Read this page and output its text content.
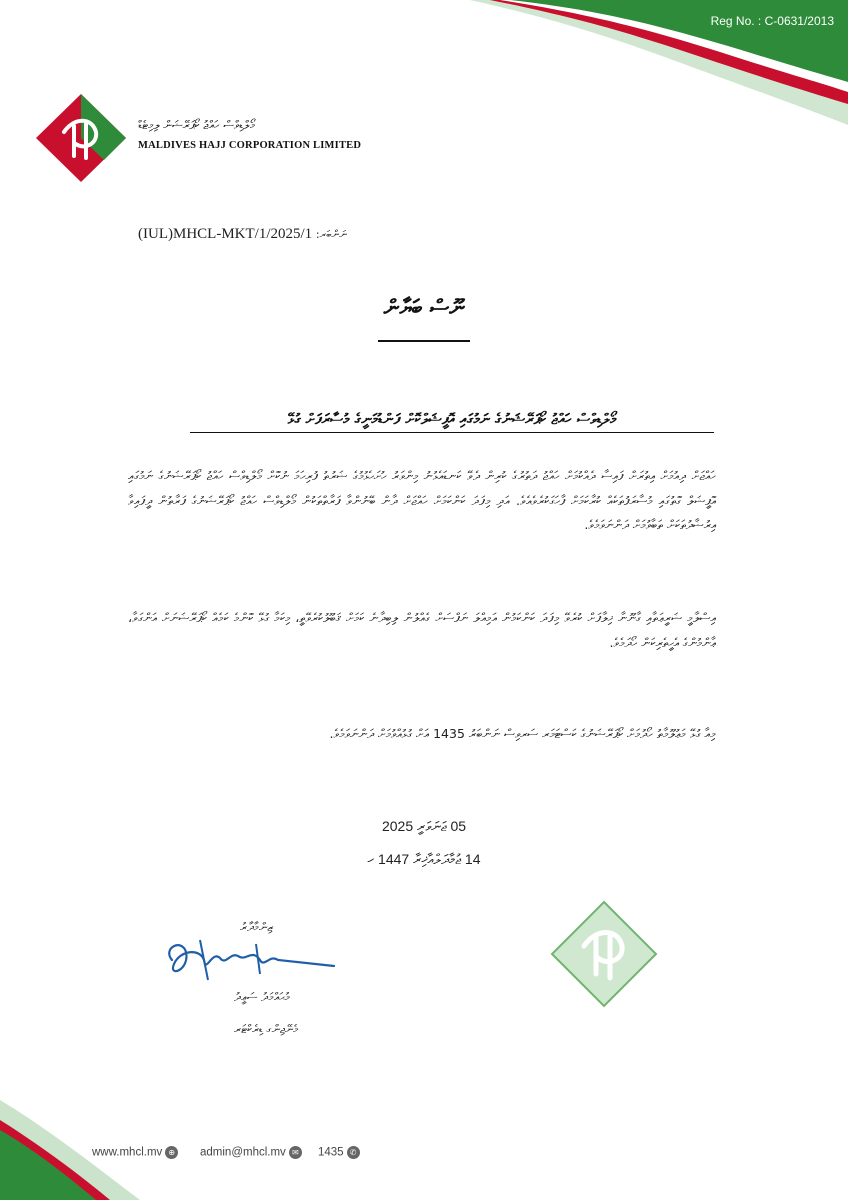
Reg No. : C-0631/2013
މޯލްޑިވްސް ހައްޖު ކޯޕަރޭޝަން ލިމިޓެޑް
MALDIVES HAJJ CORPORATION LIMITED
(IUL)MHCL-MKT/1/2025/1 :ނަންބަރ
ނޫސް ބަޔާން
މޯލްޑިވްސް ހައްޖު ކޯޕަރޭޝަނުގެ ނަމުގައި އޮފީޝަލްކޮށް ފަންޑުމަނީގެ މުސާރަފަށް ގުޅޭ
ހައްޖަށް ދިއުމަށް އިތުރަށް ފައިސާ ދެއްކުމަށް ހައްޖު ދަތުރުގެ ކުރިން ދެވޭ ކަނޑައެޅުނު މިންވަރު ހުށަހެޅުމުގެ ޝަރުތު ފުރިހަމަ ނުކޮށް މޯލްޑިވްސް ހައްޖު ކޯޕަރޭޝަނުގެ ނަމުގައި އޮފީޝަލް ގޮތުގައި މުސާރަފުތަކެއް ކުރާކަމަށް ފާހަގަކުރެވެއެވެ. އަދި މިފަދަ ކަންކަމަށް ހައްޖަށް ދާން ބޭނުންވާ ފަރާތްތަކުން މޯލްޑިވްސް ހައްޖު ކޯޕަރޭޝަނުގެ ފަރާތުން ދީފައިވާ އިރުޝާދުތަކަށް ތަބާވުމަށް ދަންނަވަމެވެ.
އިސްލާމީ ޝަރީޢަތާއި ގާނޫނާ ޚިލާފަށް ކުރެވޭ މިފަދަ ކަންކަމުން އަމިއްލަ ނަފްސަށް ގެއްލުން ލިބިދާނެ ކަމަށް ޤަބޫލުކުރެވޭތީ، މިކަމާ ގުޅޭ ކޮންމެ ކަމެއް ކޯޕަރޭޝަނަށް އަންގަވާ، ޢާންމުންގެ އެހީތެރިކަން ހޯދަމެވެ.
މިއާ ގުޅޭ މަޢުލޫމާތު ހޯދުމަށް ކޯޕަރޭޝަނުގެ ކަސްޓަމަރ ސަރވިސް ނަންބަރު 1435 އަށް ގުޅުއްވުމަށް ދަންނަވަމެވެ.
05 ޖަނަވަރީ 2025
14 ޖުމާދަލްއާޚިރާ 1447 ހ
ޒިންމާދާރު
މުޙައްމަދު ސަޢީދު
މެނޭޖިންގ ޑިރެކްޓަރ
www.mhcl.mv ⊕ admin@mhcl.mv ✉ 1435 ✆
